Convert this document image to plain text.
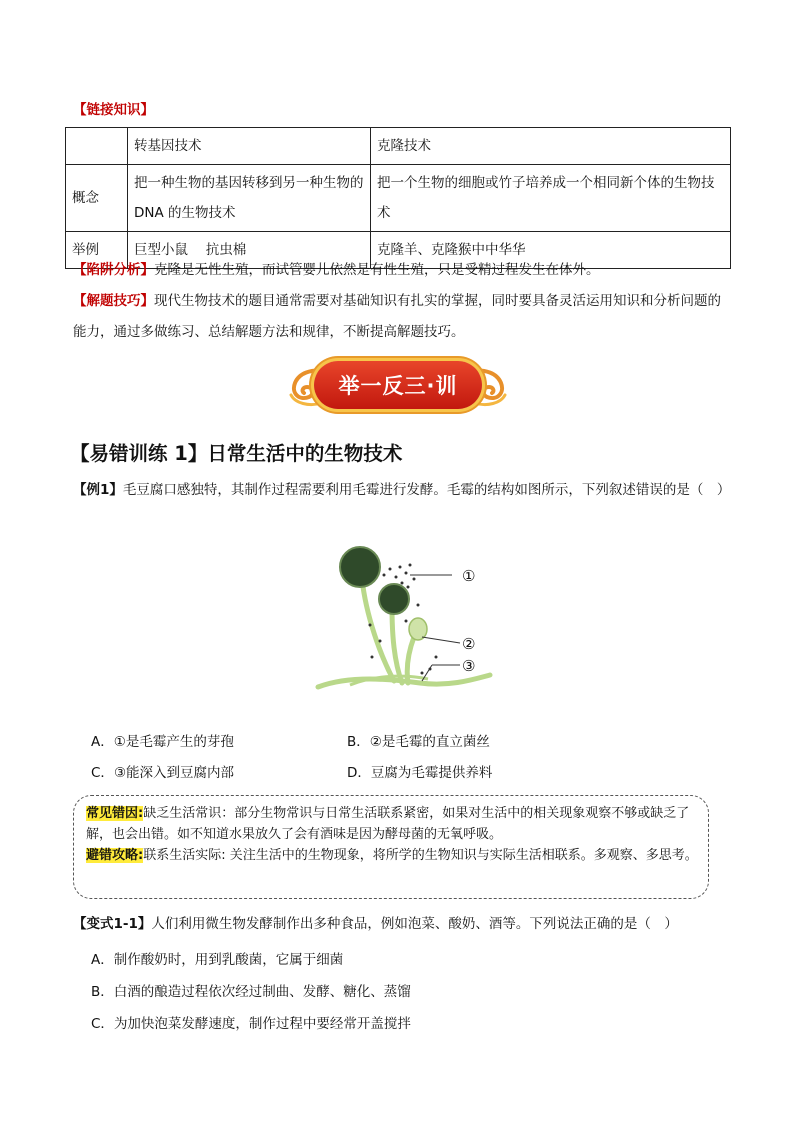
【链接知识】
	转基因技术	克隆技术
概念	把一种生物的基因转移到另一种生物的DNA 的生物技术	把一个生物的细胞或竹子培养成一个相同新个体的生物技术
举例	巨型小鼠　 抗虫棉	克隆羊、克隆猴中中华华
【陷阱分析】克隆是无性生殖，而试管婴儿依然是有性生殖，只是受精过程发生在体外。
【解题技巧】现代生物技术的题目通常需要对基础知识有扎实的掌握，同时要具备灵活运用知识和分析问题的能力，通过多做练习、总结解题方法和规律，不断提高解题技巧。
举一反三·训
【易错训练 1】日常生活中的生物技术
【例1】毛豆腐口感独特，其制作过程需要利用毛霉进行发酵。毛霉的结构如图所示，下列叙述错误的是（　）
①
②
③
A．①是毛霉产生的芽孢	B．②是毛霉的直立菌丝
C．③能深入到豆腐内部	D．豆腐为毛霉提供养料
常见错因:缺乏生活常识：部分生物常识与日常生活联系紧密，如果对生活中的相关现象观察不够或缺乏了解，也会出错。如不知道水果放久了会有酒味是因为酵母菌的无氧呼吸。
避错攻略:联系生活实际: 关注生活中的生物现象，将所学的生物知识与实际生活相联系。多观察、多思考。
【变式1-1】人们利用微生物发酵制作出多种食品，例如泡菜、酸奶、酒等。下列说法正确的是（　）
A．制作酸奶时，用到乳酸菌，它属于细菌
B．白酒的酿造过程依次经过制曲、发酵、糖化、蒸馏
C．为加快泡菜发酵速度，制作过程中要经常开盖搅拌
